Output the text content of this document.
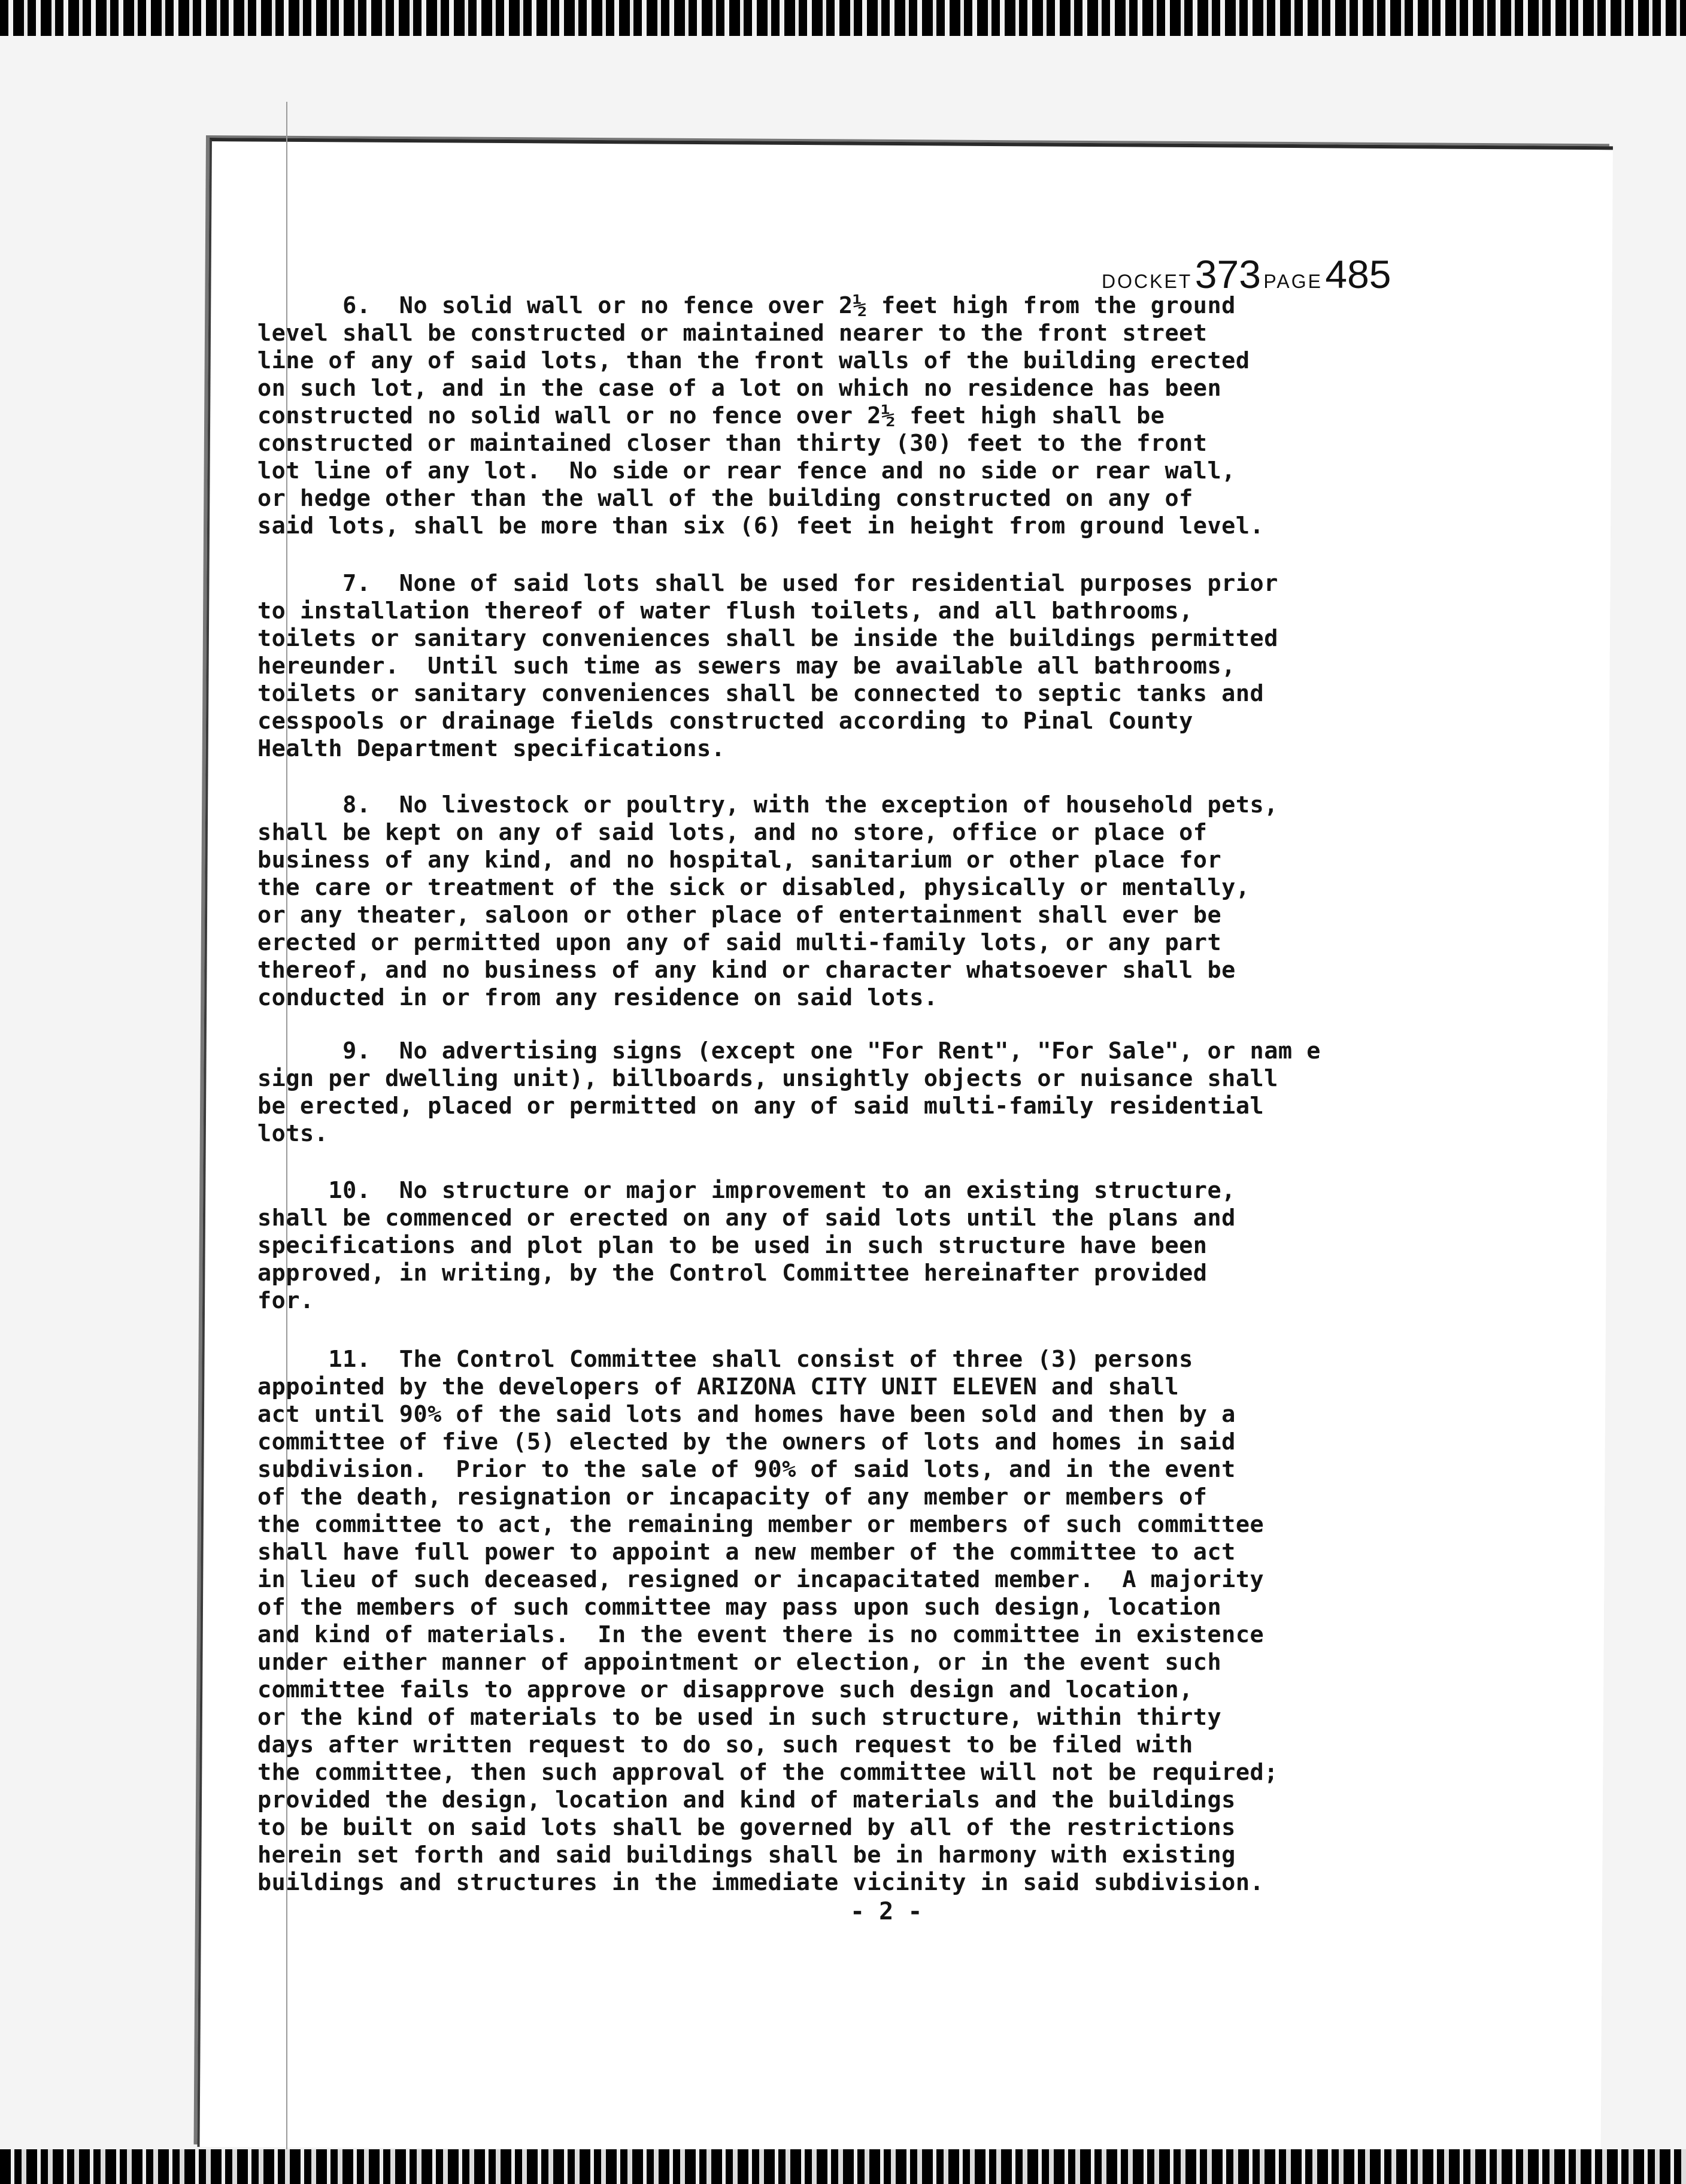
DOCKET 373 PAGE 485

6.  No solid wall or no fence over 2½ feet high from the ground
level shall be constructed or maintained nearer to the front street
line of any of said lots, than the front walls of the building erected
on such lot, and in the case of a lot on which no residence has been
constructed no solid wall or no fence over 2½ feet high shall be
constructed or maintained closer than thirty (30) feet to the front
lot line of any lot.  No side or rear fence and no side or rear wall,
or hedge other than the wall of the building constructed on any of
said lots, shall be more than six (6) feet in height from ground level.

7.  None of said lots shall be used for residential purposes prior
to installation thereof of water flush toilets, and all bathrooms,
toilets or sanitary conveniences shall be inside the buildings permitted
hereunder.  Until such time as sewers may be available all bathrooms,
toilets or sanitary conveniences shall be connected to septic tanks and
cesspools or drainage fields constructed according to Pinal County
Health Department specifications.

8.  No livestock or poultry, with the exception of household pets,
shall be kept on any of said lots, and no store, office or place of
business of any kind, and no hospital, sanitarium or other place for
the care or treatment of the sick or disabled, physically or mentally,
or any theater, saloon or other place of entertainment shall ever be
erected or permitted upon any of said multi-family lots, or any part
thereof, and no business of any kind or character whatsoever shall be
conducted in or from any residence on said lots.

9.  No advertising signs (except one "For Rent", "For Sale", or nam e
sign per dwelling unit), billboards, unsightly objects or nuisance shall
be erected, placed or permitted on any of said multi-family residential
lots.

10.  No structure or major improvement to an existing structure,
shall be commenced or erected on any of said lots until the plans and
specifications and plot plan to be used in such structure have been
approved, in writing, by the Control Committee hereinafter provided
for.

11.  The Control Committee shall consist of three (3) persons
appointed by the developers of ARIZONA CITY UNIT ELEVEN and shall
act until 90% of the said lots and homes have been sold and then by a
committee of five (5) elected by the owners of lots and homes in said
subdivision.  Prior to the sale of 90% of said lots, and in the event
of the death, resignation or incapacity of any member or members of
the committee to act, the remaining member or members of such committee
shall have full power to appoint a new member of the committee to act
in lieu of such deceased, resigned or incapacitated member.  A majority
of the members of such committee may pass upon such design, location
and kind of materials.  In the event there is no committee in existence
under either manner of appointment or election, or in the event such
committee fails to approve or disapprove such design and location,
or the kind of materials to be used in such structure, within thirty
days after written request to do so, such request to be filed with
the committee, then such approval of the committee will not be required;
provided the design, location and kind of materials and the buildings
to be built on said lots shall be governed by all of the restrictions
herein set forth and said buildings shall be in harmony with existing
buildings and structures in the immediate vicinity in said subdivision.

- 2 -
